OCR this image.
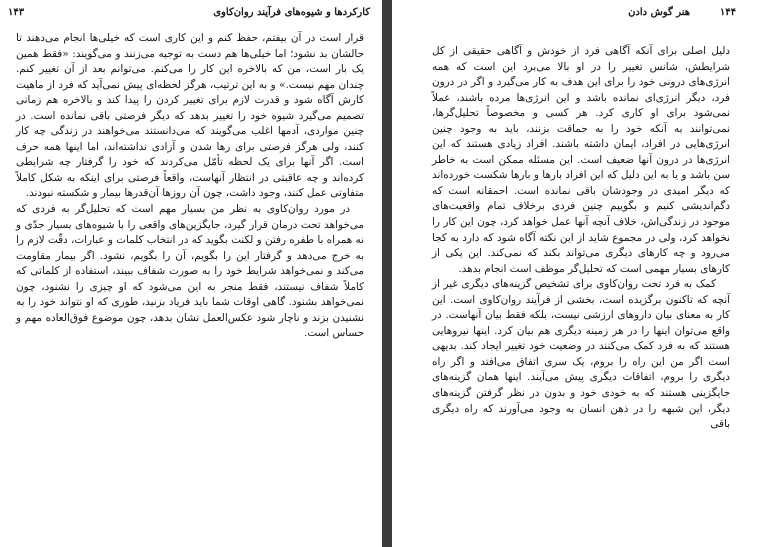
۱۴۳	کارکردها و شیوه‌های فرآیند روان‌کاوی

قرار است در آن بیفتم، حفظ کنم و این کاری است که خیلی‌ها انجام می‌دهند تا حالشان بد نشود؛ اما خیلی‌ها هم دست به توجیه می‌زنند و می‌گویند: «فقط همین یک بار است، من که بالاخره این کار را می‌کنم. می‌توانم بعد از آن تغییر کنم. چندان مهم نیست.» و به این ترتیب، هرگز لحظه‌ای پیش نمی‌آید که فرد از ماهیت کارش آگاه شود و قدرت لازم برای تغییر کردن را پیدا کند و بالاخره هم زمانی تصمیم می‌گیرد شیوه خود را تغییر بدهد که دیگر فرصتی باقی نمانده است. در چنین مواردی، آدمها اغلب می‌گویند که می‌دانستند می‌خواهند در زندگی چه کار کنند، ولی هرگز فرصتی برای رها شدن و آزادی نداشته‌اند، اما اینها همه حرف است. اگر آنها برای یک لحظه تأمّل می‌کردند که خود را گرفتار چه شرایطی کرده‌اند و چه عاقبتی در انتظار آنهاست، واقعاً فرصتی برای اینکه به شکل کاملاً متفاوتی عمل کنند، وجود داشت، چون آن روزها آن‌قدرها بیمار و شکسته نبودند.

در مورد روان‌کاوی به نظر من بسیار مهم است که تحلیل‌گر به فردی که می‌خواهد تحت درمان قرار گیرد، جایگزین‌های واقعی را با شیوه‌های بسیار جدّی و نه همراه با طفره رفتن و لکنت بگوید که در انتخاب کلمات و عبارات، دقّت لازم را به خرج می‌دهد و گرفتار این را بگویم، آن را بگویم، نشود. اگر بیمار مقاومت می‌کند و نمی‌خواهد شرایط خود را به صورت شفاف ببیند، استفاده از کلماتی که کاملاً شفاف نیستند، فقط منجر به این می‌شود که او چیزی را نشنود، چون نمی‌خواهد بشنود. گاهی اوقات شما باید فریاد بزنید، طوری که او نتواند خود را به نشنیدن بزند و ناچار شود عکس‌العمل نشان بدهد، چون موضوع فوق‌العاده مهم و حساس است.

۱۴۴
هنر گوش دادن

دلیل اصلی برای آنکه آگاهی فرد از خودش و آگاهی حقیقی از کل شرایطش، شانس تغییر را در او بالا می‌برد این است که همه انرژی‌های درونی خود را برای این هدف به کار می‌گیرد و اگر در درون فرد، دیگر انرژی‌ای نمانده باشد و این انرژی‌ها مرده باشند، عملاً نمی‌شود برای او کاری کرد. هر کسی و مخصوصاً تحلیل‌گرها، نمی‌توانند به آنکه خود را به حماقت بزنند، باید به وجود چنین انرژی‌هایی در افراد، ایمان داشته باشند. افراد زیادی هستند که این انرژی‌ها در درون آنها ضعیف است. این مسئله ممکن است به خاطر سن باشد و یا به این دلیل که این افراد بارها و بارها شکست خورده‌اند که دیگر امیدی در وجودشان باقی نمانده است. احمقانه است که دگم‌اندیشی کنیم و بگوییم چنین فردی برخلاف تمام واقعیت‌های موجود در زندگی‌اش، خلاف آنچه آنها عمل خواهد کرد، چون این کار را نخواهد کرد، ولی در مجموع شاید از این نکته آگاه شود که دارد به کجا می‌رود و چه کارهای دیگری می‌تواند بکند که نمی‌کند. این یکی از کارهای بسیار مهمی است که تحلیل‌گر موظف است انجام بدهد.

کمک به فرد تحت روان‌کاوی برای تشخیص گزینه‌های دیگری غیر از آنچه که تاکنون برگزیده است، بخشی از فرآیند روان‌کاوی است. این کار به معنای بیان داروهای ارزشی نیست، بلکه فقط بیان آنهاست. در واقع می‌توان اینها را در هر زمینه دیگری هم بیان کرد. اینها نیروهایی هستند که به فرد کمک می‌کنند در وضعیت خود تغییر ایجاد کند. بدیهی است اگر من این راه را بروم، یک سری اتفاق می‌افتد و اگر راه دیگری را بروم، اتفاقات دیگری پیش می‌آیند. اینها همان گزینه‌های جایگزینی هستند که به خودی خود و بدون در نظر گرفتن گزینه‌های دیگر، این شبهه را در ذهن انسان به وجود می‌آورند که راه دیگری باقی
